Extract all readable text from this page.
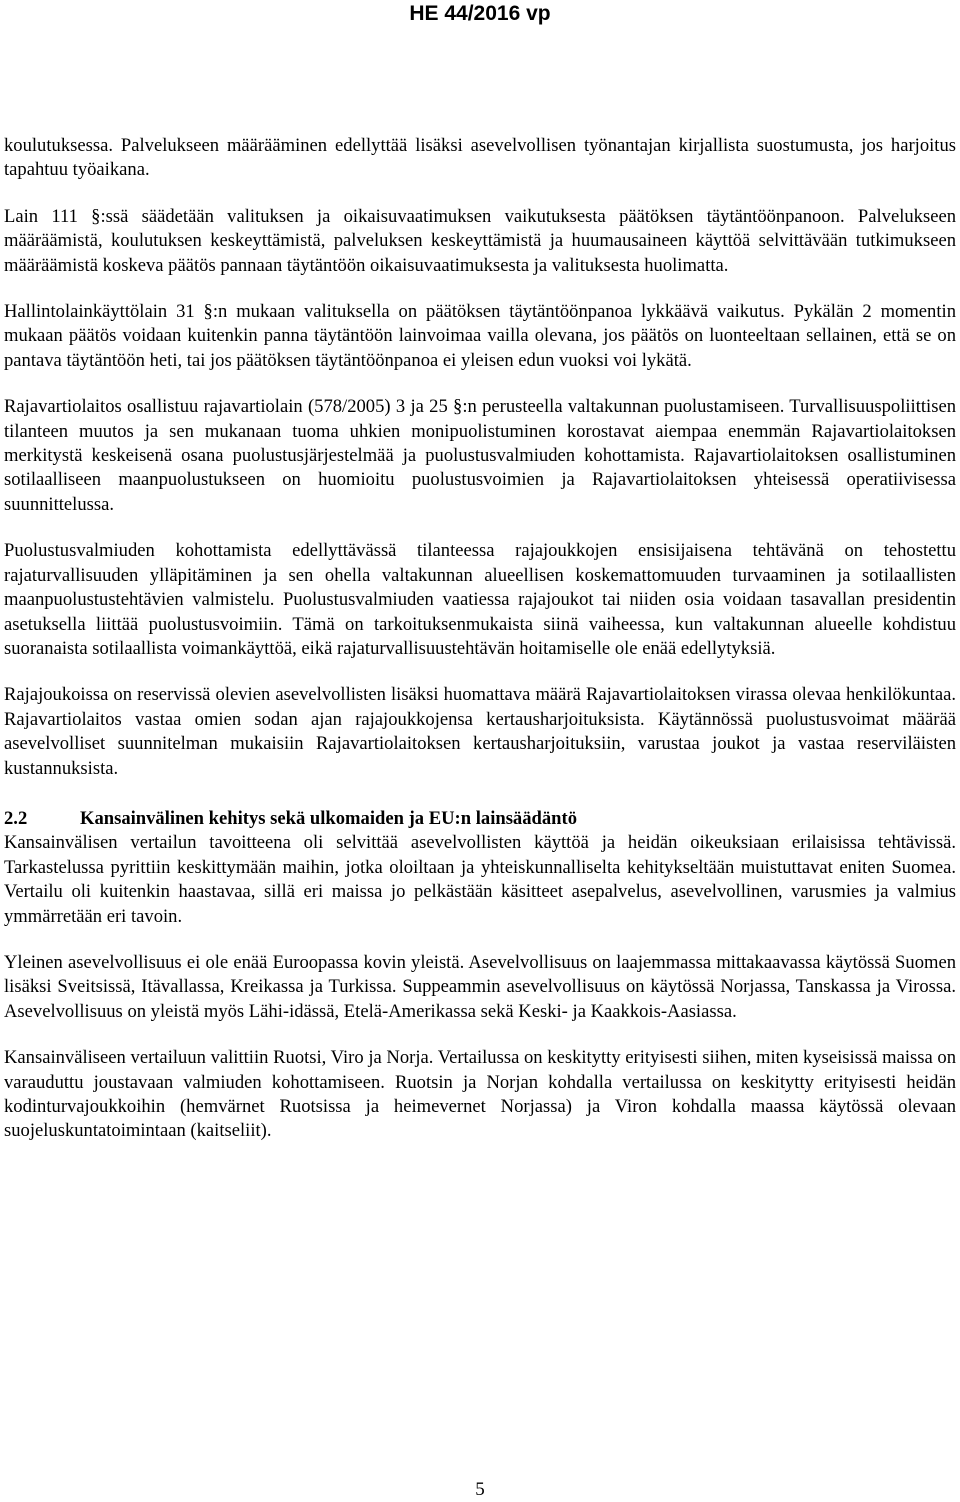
HE 44/2016 vp

koulutuksessa. Palvelukseen määrääminen edellyttää lisäksi asevelvollisen työnantajan kirjallista suostumusta, jos harjoitus tapahtuu työaikana.

Lain 111 §:ssä säädetään valituksen ja oikaisuvaatimuksen vaikutuksesta päätöksen täytäntöönpanoon. Palvelukseen määräämistä, koulutuksen keskeyttämistä, palveluksen keskeyttämistä ja huumausaineen käyttöä selvittävään tutkimukseen määräämistä koskeva päätös pannaan täytäntöön oikaisuvaatimuksesta ja valituksesta huolimatta.

Hallintolainkäyttölain 31 §:n mukaan valituksella on päätöksen täytäntöönpanoa lykkäävä vaikutus. Pykälän 2 momentin mukaan päätös voidaan kuitenkin panna täytäntöön lainvoimaa vailla olevana, jos päätös on luonteeltaan sellainen, että se on pantava täytäntöön heti, tai jos päätöksen täytäntöönpanoa ei yleisen edun vuoksi voi lykätä.

Rajavartiolaitos osallistuu rajavartiolain (578/2005) 3 ja 25 §:n perusteella valtakunnan puolustamiseen. Turvallisuuspoliittisen tilanteen muutos ja sen mukanaan tuoma uhkien monipuolistuminen korostavat aiempaa enemmän Rajavartiolaitoksen merkitystä keskeisenä osana puolustusjärjestelmää ja puolustusvalmiuden kohottamista. Rajavartiolaitoksen osallistuminen sotilaalliseen maanpuolustukseen on huomioitu puolustusvoimien ja Rajavartiolaitoksen yhteisessä operatiivisessa suunnittelussa.

Puolustusvalmiuden kohottamista edellyttävässä tilanteessa rajajoukkojen ensisijaisena tehtävänä on tehostettu rajaturvallisuuden ylläpitäminen ja sen ohella valtakunnan alueellisen koskemattomuuden turvaaminen ja sotilaallisten maanpuolustustehtävien valmistelu. Puolustusvalmiuden vaatiessa rajajoukot tai niiden osia voidaan tasavallan presidentin asetuksella liittää puolustusvoimiin. Tämä on tarkoituksenmukaista siinä vaiheessa, kun valtakunnan alueelle kohdistuu suoranaista sotilaallista voimankäyttöä, eikä rajaturvallisuustehtävän hoitamiselle ole enää edellytyksiä.

Rajajoukoissa on reservissä olevien asevelvollisten lisäksi huomattava määrä Rajavartiolaitoksen virassa olevaa henkilökuntaa. Rajavartiolaitos vastaa omien sodan ajan rajajoukkojensa kertausharjoituksista. Käytännössä puolustusvoimat määrää asevelvolliset suunnitelman mukaisiin Rajavartiolaitoksen kertausharjoituksiin, varustaa joukot ja vastaa reserviläisten kustannuksista.

2.2	Kansainvälinen kehitys sekä ulkomaiden ja EU:n lainsäädäntö

Kansainvälisen vertailun tavoitteena oli selvittää asevelvollisten käyttöä ja heidän oikeuksiaan erilaisissa tehtävissä. Tarkastelussa pyrittiin keskittymään maihin, jotka oloiltaan ja yhteiskunnalliselta kehitykseltään muistuttavat eniten Suomea. Vertailu oli kuitenkin haastavaa, sillä eri maissa jo pelkästään käsitteet asepalvelus, asevelvollinen, varusmies ja valmius ymmärretään eri tavoin.

Yleinen asevelvollisuus ei ole enää Euroopassa kovin yleistä. Asevelvollisuus on laajemmassa mittakaavassa käytössä Suomen lisäksi Sveitsissä, Itävallassa, Kreikassa ja Turkissa. Suppeammin asevelvollisuus on käytössä Norjassa, Tanskassa ja Virossa. Asevelvollisuus on yleistä myös Lähi-idässä, Etelä-Amerikassa sekä Keski- ja Kaakkois-Aasiassa.

Kansainväliseen vertailuun valittiin Ruotsi, Viro ja Norja. Vertailussa on keskitytty erityisesti siihen, miten kyseisissä maissa on varauduttu joustavaan valmiuden kohottamiseen. Ruotsin ja Norjan kohdalla vertailussa on keskitytty erityisesti heidän kodinturvajoukkoihin (hemvärnet Ruotsissa ja heimevernet Norjassa) ja Viron kohdalla maassa käytössä olevaan suojeluskuntatoimintaan (kaitseliit).

5
